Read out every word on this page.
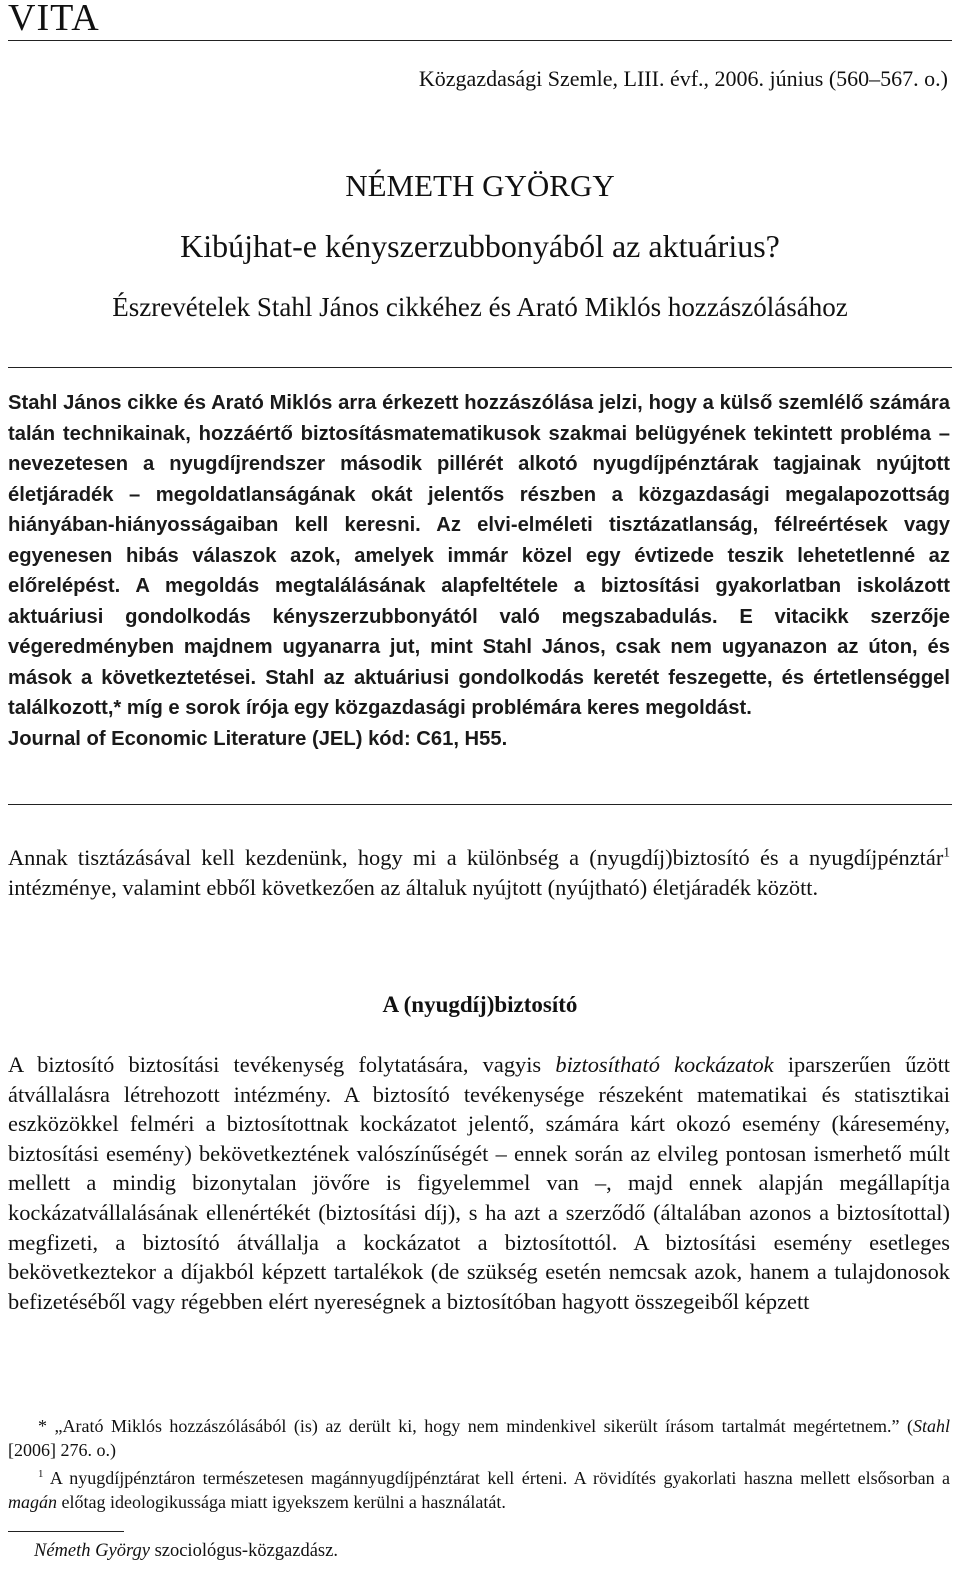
VITA
Közgazdasági Szemle, LIII. évf., 2006. június (560–567. o.)
NÉMETH GYÖRGY
Kibújhat-e kényszerzubbonyából az aktuárius?
Észrevételek Stahl János cikkéhez és Arató Miklós hozzászólásához

Stahl János cikke és Arató Miklós arra érkezett hozzászólása jelzi, hogy a külső szemlélő számára talán technikainak, hozzáértő biztosításmatematikusok szakmai belügyének tekintett probléma – nevezetesen a nyugdíjrendszer második pillérét alkotó nyugdíjpénztárak tagjainak nyújtott életjáradék – megoldatlanságának okát jelentős részben a közgazdasági megalapozottság hiányában-hiányosságaiban kell keresni. Az elvi-elméleti tisztázatlanság, félreértések vagy egyenesen hibás válaszok azok, amelyek immár közel egy évtizede teszik lehetetlenné az előrelépést. A megoldás megtalálásának alapfeltétele a biztosítási gyakorlatban iskolázott aktuáriusi gondolkodás kényszerzubbonyától való megszabadulás. E vitacikk szerzője végeredményben majdnem ugyanarra jut, mint Stahl János, csak nem ugyanazon az úton, és mások a következtetései. Stahl az aktuáriusi gondolkodás keretét feszegette, és értetlenséggel találkozott,* míg e sorok írója egy közgazdasági problémára keres megoldást.

Journal of Economic Literature (JEL) kód: C61, H55.

Annak tisztázásával kell kezdenünk, hogy mi a különbség a (nyugdíj)biztosító és a nyugdíjpénztár$^1$ intézménye, valamint ebből következően az általuk nyújtott (nyújtható) életjáradék között.

A (nyugdíj)biztosító

A biztosító biztosítási tevékenység folytatására, vagyis biztosítható kockázatok iparszerűen űzött átvállalásra létrehozott intézmény. A biztosító tevékenysége részeként matematikai és statisztikai eszközökkel felméri a biztosítottnak kockázatot jelentő, számára kárt okozó esemény (káresemény, biztosítási esemény) bekövetkeztének valószínűségét – ennek során az elvileg pontosan ismerhető múlt mellett a mindig bizonytalan jövőre is figyelemmel van –, majd ennek alapján megállapítja kockázatvállalásának ellenértékét (biztosítási díj), s ha azt a szerződő (általában azonos a biztosítottal) megfizeti, a biztosító átvállalja a kockázatot a biztosítottól. A biztosítási esemény esetleges bekövetkeztekor a díjakból képzett tartalékok (de szükség esetén nemcsak azok, hanem a tulajdonosok befizetéséből vagy régebben elért nyereségnek a biztosítóban hagyott összegeiből képzett

* „Arató Miklós hozzászólásából (is) az derült ki, hogy nem mindenkivel sikerült írásom tartalmát megértetnem.” (Stahl [2006] 276. o.)

$^1$ A nyugdíjpénztáron természetesen magánnyugdíjpénztárat kell érteni. A rövidítés gyakorlati haszna mellett elsősorban a magán előtag ideologikussága miatt igyekszem kerülni a használatát.

Németh György szociológus-közgazdász.
